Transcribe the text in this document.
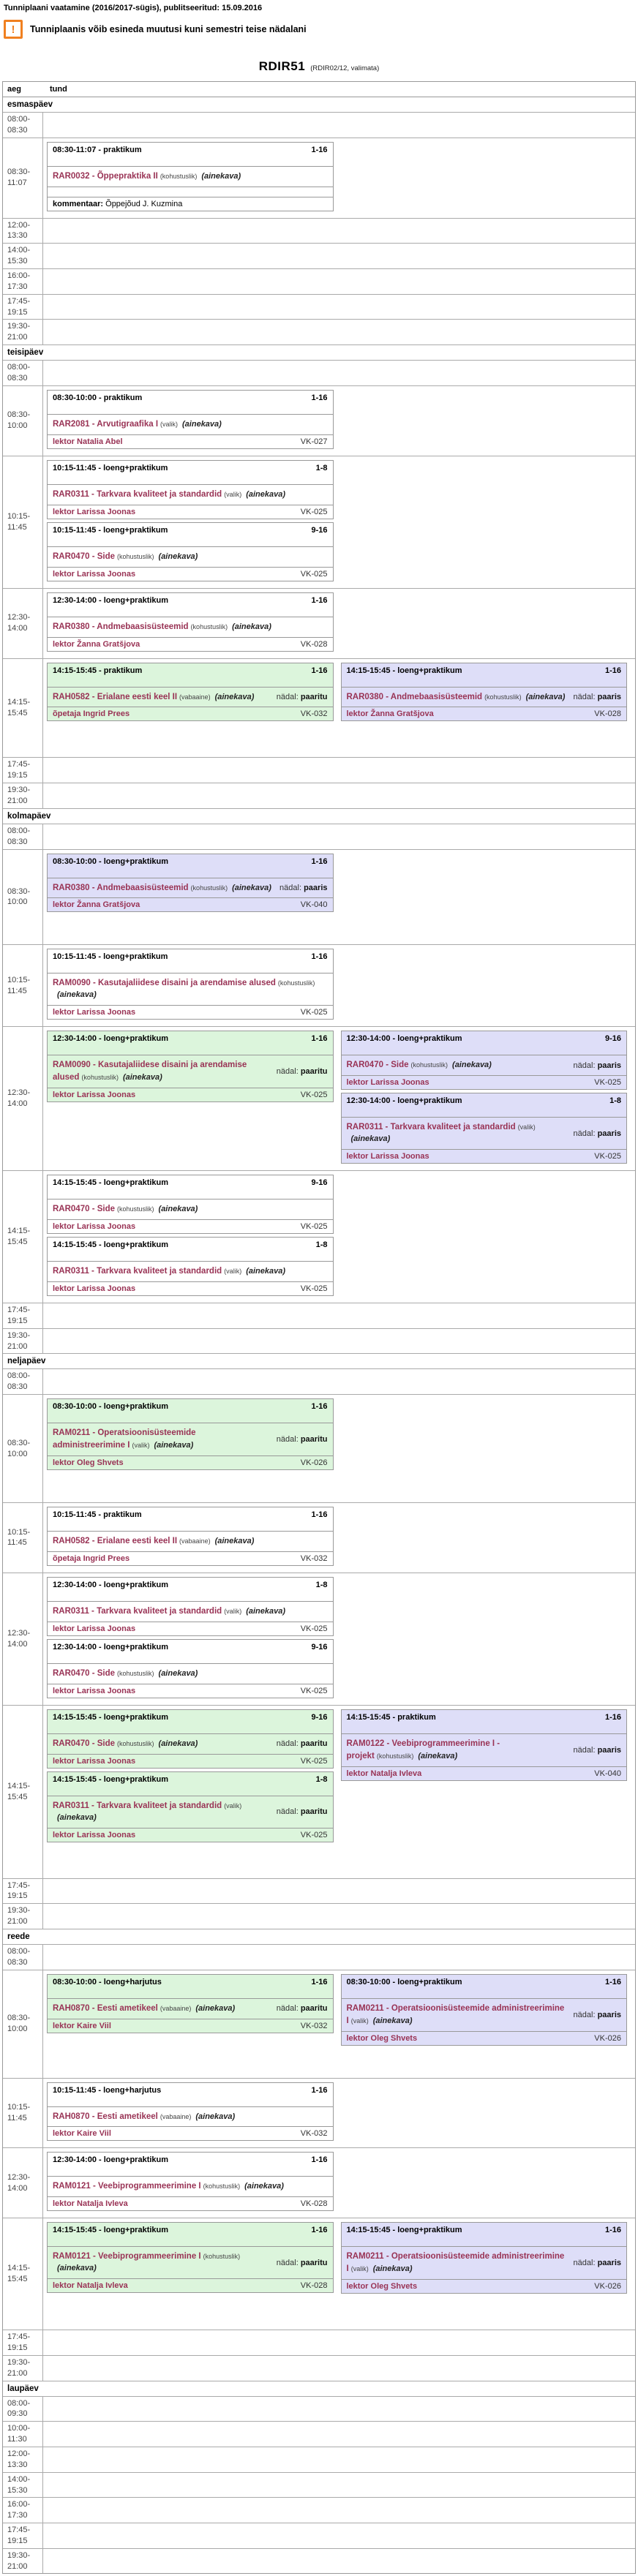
Tunniplaani vaatamine (2016/2017-sügis), publitseeritud: 15.09.2016
!	Tunniplaanis võib esineda muutusi kuni semestri teise nädalani
RDIR51 (RDIR02/12, valimata)
aeg	tund
esmaspäev
08:00-
08:30
08:30-
11:07
08:30-11:07 - praktikum	1-16
RAR0032 - Õppepraktika II (kohustuslik) (ainekava)
kommentaar: Õppejõud J. Kuzmina
12:00-
13:30
14:00-
15:30
16:00-
17:30
17:45-
19:15
19:30-
21:00
teisipäev
08:00-
08:30
08:30-
10:00
08:30-10:00 - praktikum	1-16
RAR2081 - Arvutigraafika I (valik) (ainekava)
lektor Natalia Abel	VK-027
10:15-
11:45
10:15-11:45 - loeng+praktikum	1-8
RAR0311 - Tarkvara kvaliteet ja standardid (valik) (ainekava)
lektor Larissa Joonas	VK-025
10:15-11:45 - loeng+praktikum	9-16
RAR0470 - Side (kohustuslik) (ainekava)
lektor Larissa Joonas	VK-025
12:30-
14:00
12:30-14:00 - loeng+praktikum	1-16
RAR0380 - Andmebaasisüsteemid (kohustuslik) (ainekava)
lektor Žanna Gratšjova	VK-028
14:15-
15:45
14:15-15:45 - praktikum	1-16
RAH0582 - Erialane eesti keel II (vabaaine) (ainekava)	nädal: paaritu
õpetaja Ingrid Prees	VK-032
14:15-15:45 - loeng+praktikum	1-16
RAR0380 - Andmebaasisüsteemid (kohustuslik) (ainekava)	nädal: paaris
lektor Žanna Gratšjova	VK-028
17:45-
19:15
19:30-
21:00
kolmapäev
08:00-
08:30
08:30-
10:00
08:30-10:00 - loeng+praktikum	1-16
RAR0380 - Andmebaasisüsteemid (kohustuslik) (ainekava)	nädal: paaris
lektor Žanna Gratšjova	VK-040
10:15-
11:45
10:15-11:45 - loeng+praktikum	1-16
RAM0090 - Kasutajaliidese disaini ja arendamise alused (kohustuslik)(ainekava)
lektor Larissa Joonas	VK-025
12:30-
14:00
12:30-14:00 - loeng+praktikum	1-16
RAM0090 - Kasutajaliidese disaini ja arendamise alused (kohustuslik) (ainekava)
nädal: paaritu
lektor Larissa Joonas	VK-025
12:30-14:00 - loeng+praktikum	9-16
RAR0470 - Side (kohustuslik) (ainekava)	nädal: paaris
lektor Larissa Joonas	VK-025
12:30-14:00 - loeng+praktikum	1-8
RAR0311 - Tarkvara kvaliteet ja standardid (valik)(ainekava)
nädal: paaris
lektor Larissa Joonas	VK-025
14:15-
15:45
14:15-15:45 - loeng+praktikum	9-16
RAR0470 - Side (kohustuslik) (ainekava)
lektor Larissa Joonas	VK-025
14:15-15:45 - loeng+praktikum	1-8
RAR0311 - Tarkvara kvaliteet ja standardid (valik) (ainekava)
lektor Larissa Joonas	VK-025
17:45-
19:15
19:30-
21:00
neljapäev
08:00-
08:30
08:30-
10:00
08:30-10:00 - loeng+praktikum	1-16
RAM0211 - Operatsioonisüsteemide administreerimine I (valik) (ainekava)
nädal: paaritu
lektor Oleg Shvets	VK-026
10:15-
11:45
10:15-11:45 - praktikum	1-16
RAH0582 - Erialane eesti keel II (vabaaine) (ainekava)
õpetaja Ingrid Prees	VK-032
12:30-
14:00
12:30-14:00 - loeng+praktikum	1-8
RAR0311 - Tarkvara kvaliteet ja standardid (valik) (ainekava)
lektor Larissa Joonas	VK-025
12:30-14:00 - loeng+praktikum	9-16
RAR0470 - Side (kohustuslik) (ainekava)
lektor Larissa Joonas	VK-025
14:15-
15:45
14:15-15:45 - loeng+praktikum	9-16
RAR0470 - Side (kohustuslik) (ainekava)	nädal: paaritu
lektor Larissa Joonas	VK-025
14:15-15:45 - loeng+praktikum	1-8
RAR0311 - Tarkvara kvaliteet ja standardid (valik)(ainekava)
nädal: paaritu
lektor Larissa Joonas	VK-025
14:15-15:45 - praktikum	1-16
RAM0122 - Veebiprogrammeerimine I - projekt (kohustuslik) (ainekava)
nädal: paaris
lektor Natalja Ivleva	VK-040
17:45-
19:15
19:30-
21:00
reede
08:00-
08:30
08:30-
10:00
08:30-10:00 - loeng+harjutus	1-16
RAH0870 - Eesti ametikeel (vabaaine) (ainekava)	nädal: paaritu
lektor Kaire Viil	VK-032
08:30-10:00 - loeng+praktikum	1-16
RAM0211 - Operatsioonisüsteemide administreerimine I (valik) (ainekava)
nädal: paaris
lektor Oleg Shvets	VK-026
10:15-
11:45
10:15-11:45 - loeng+harjutus	1-16
RAH0870 - Eesti ametikeel (vabaaine) (ainekava)
lektor Kaire Viil	VK-032
12:30-
14:00
12:30-14:00 - loeng+praktikum	1-16
RAM0121 - Veebiprogrammeerimine I (kohustuslik) (ainekava)
lektor Natalja Ivleva	VK-028
14:15-
15:45
14:15-15:45 - loeng+praktikum	1-16
RAM0121 - Veebiprogrammeerimine I (kohustuslik)(ainekava)
nädal: paaritu
lektor Natalja Ivleva	VK-028
14:15-15:45 - loeng+praktikum	1-16
RAM0211 - Operatsioonisüsteemide administreerimine I (valik) (ainekava)
nädal: paaris
lektor Oleg Shvets	VK-026
17:45-
19:15
19:30-
21:00
laupäev
08:00-
09:30
10:00-
11:30
12:00-
13:30
14:00-
15:30
16:00-
17:30
17:45-
19:15
19:30-
21:00
